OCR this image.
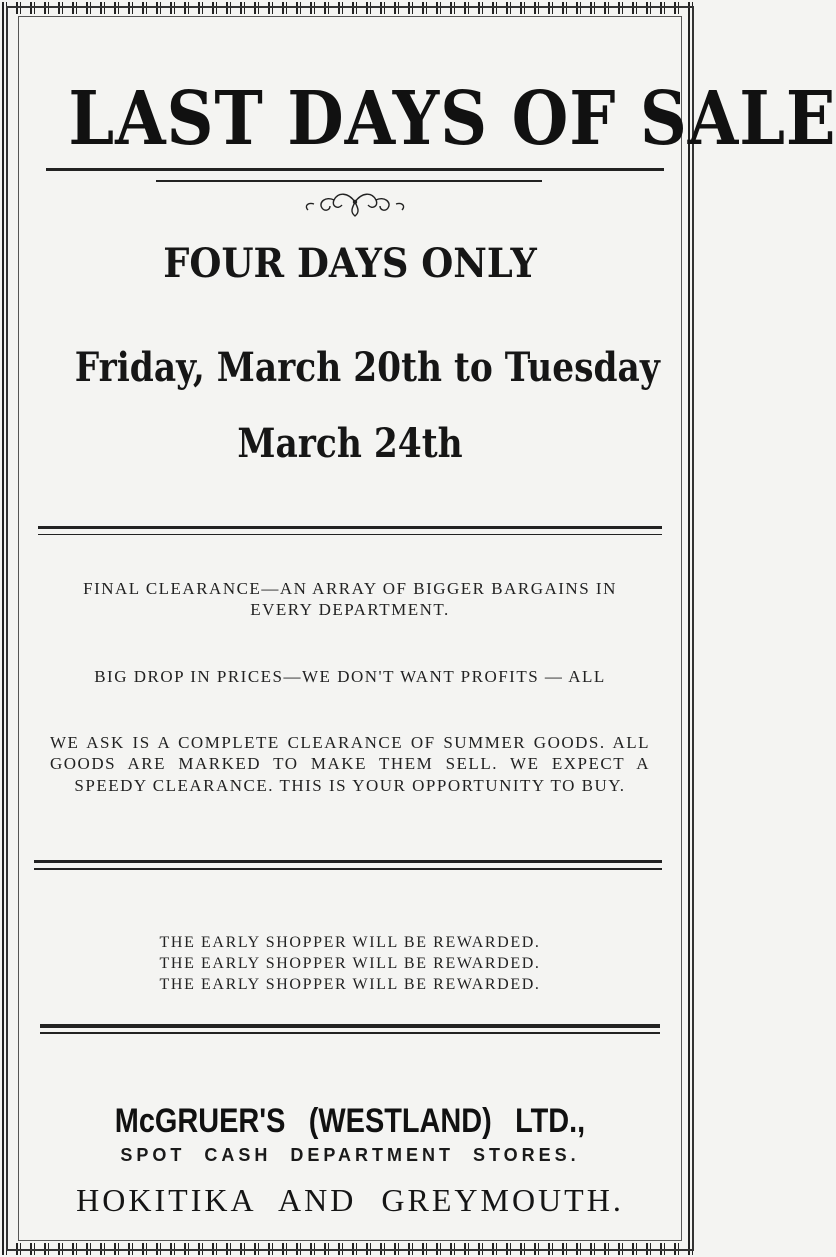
LAST DAYS OF SALE
FOUR DAYS ONLY
Friday, March 20th to Tuesday
March 24th
FINAL CLEARANCE—AN ARRAY OF BIGGER BARGAINS IN EVERY DEPARTMENT.
BIG DROP IN PRICES—WE DON'T WANT PROFITS — ALL
WE ASK IS A COMPLETE CLEARANCE OF SUMMER GOODS. ALL GOODS ARE MARKED TO MAKE THEM SELL. WE EXPECT A SPEEDY CLEARANCE. THIS IS YOUR OPPORTUNITY TO BUY.
THE EARLY SHOPPER WILL BE REWARDED.
THE EARLY SHOPPER WILL BE REWARDED.
THE EARLY SHOPPER WILL BE REWARDED.
McGRUER'S (WESTLAND) LTD.,
SPOT CASH DEPARTMENT STORES.
HOKITIKA AND GREYMOUTH.
